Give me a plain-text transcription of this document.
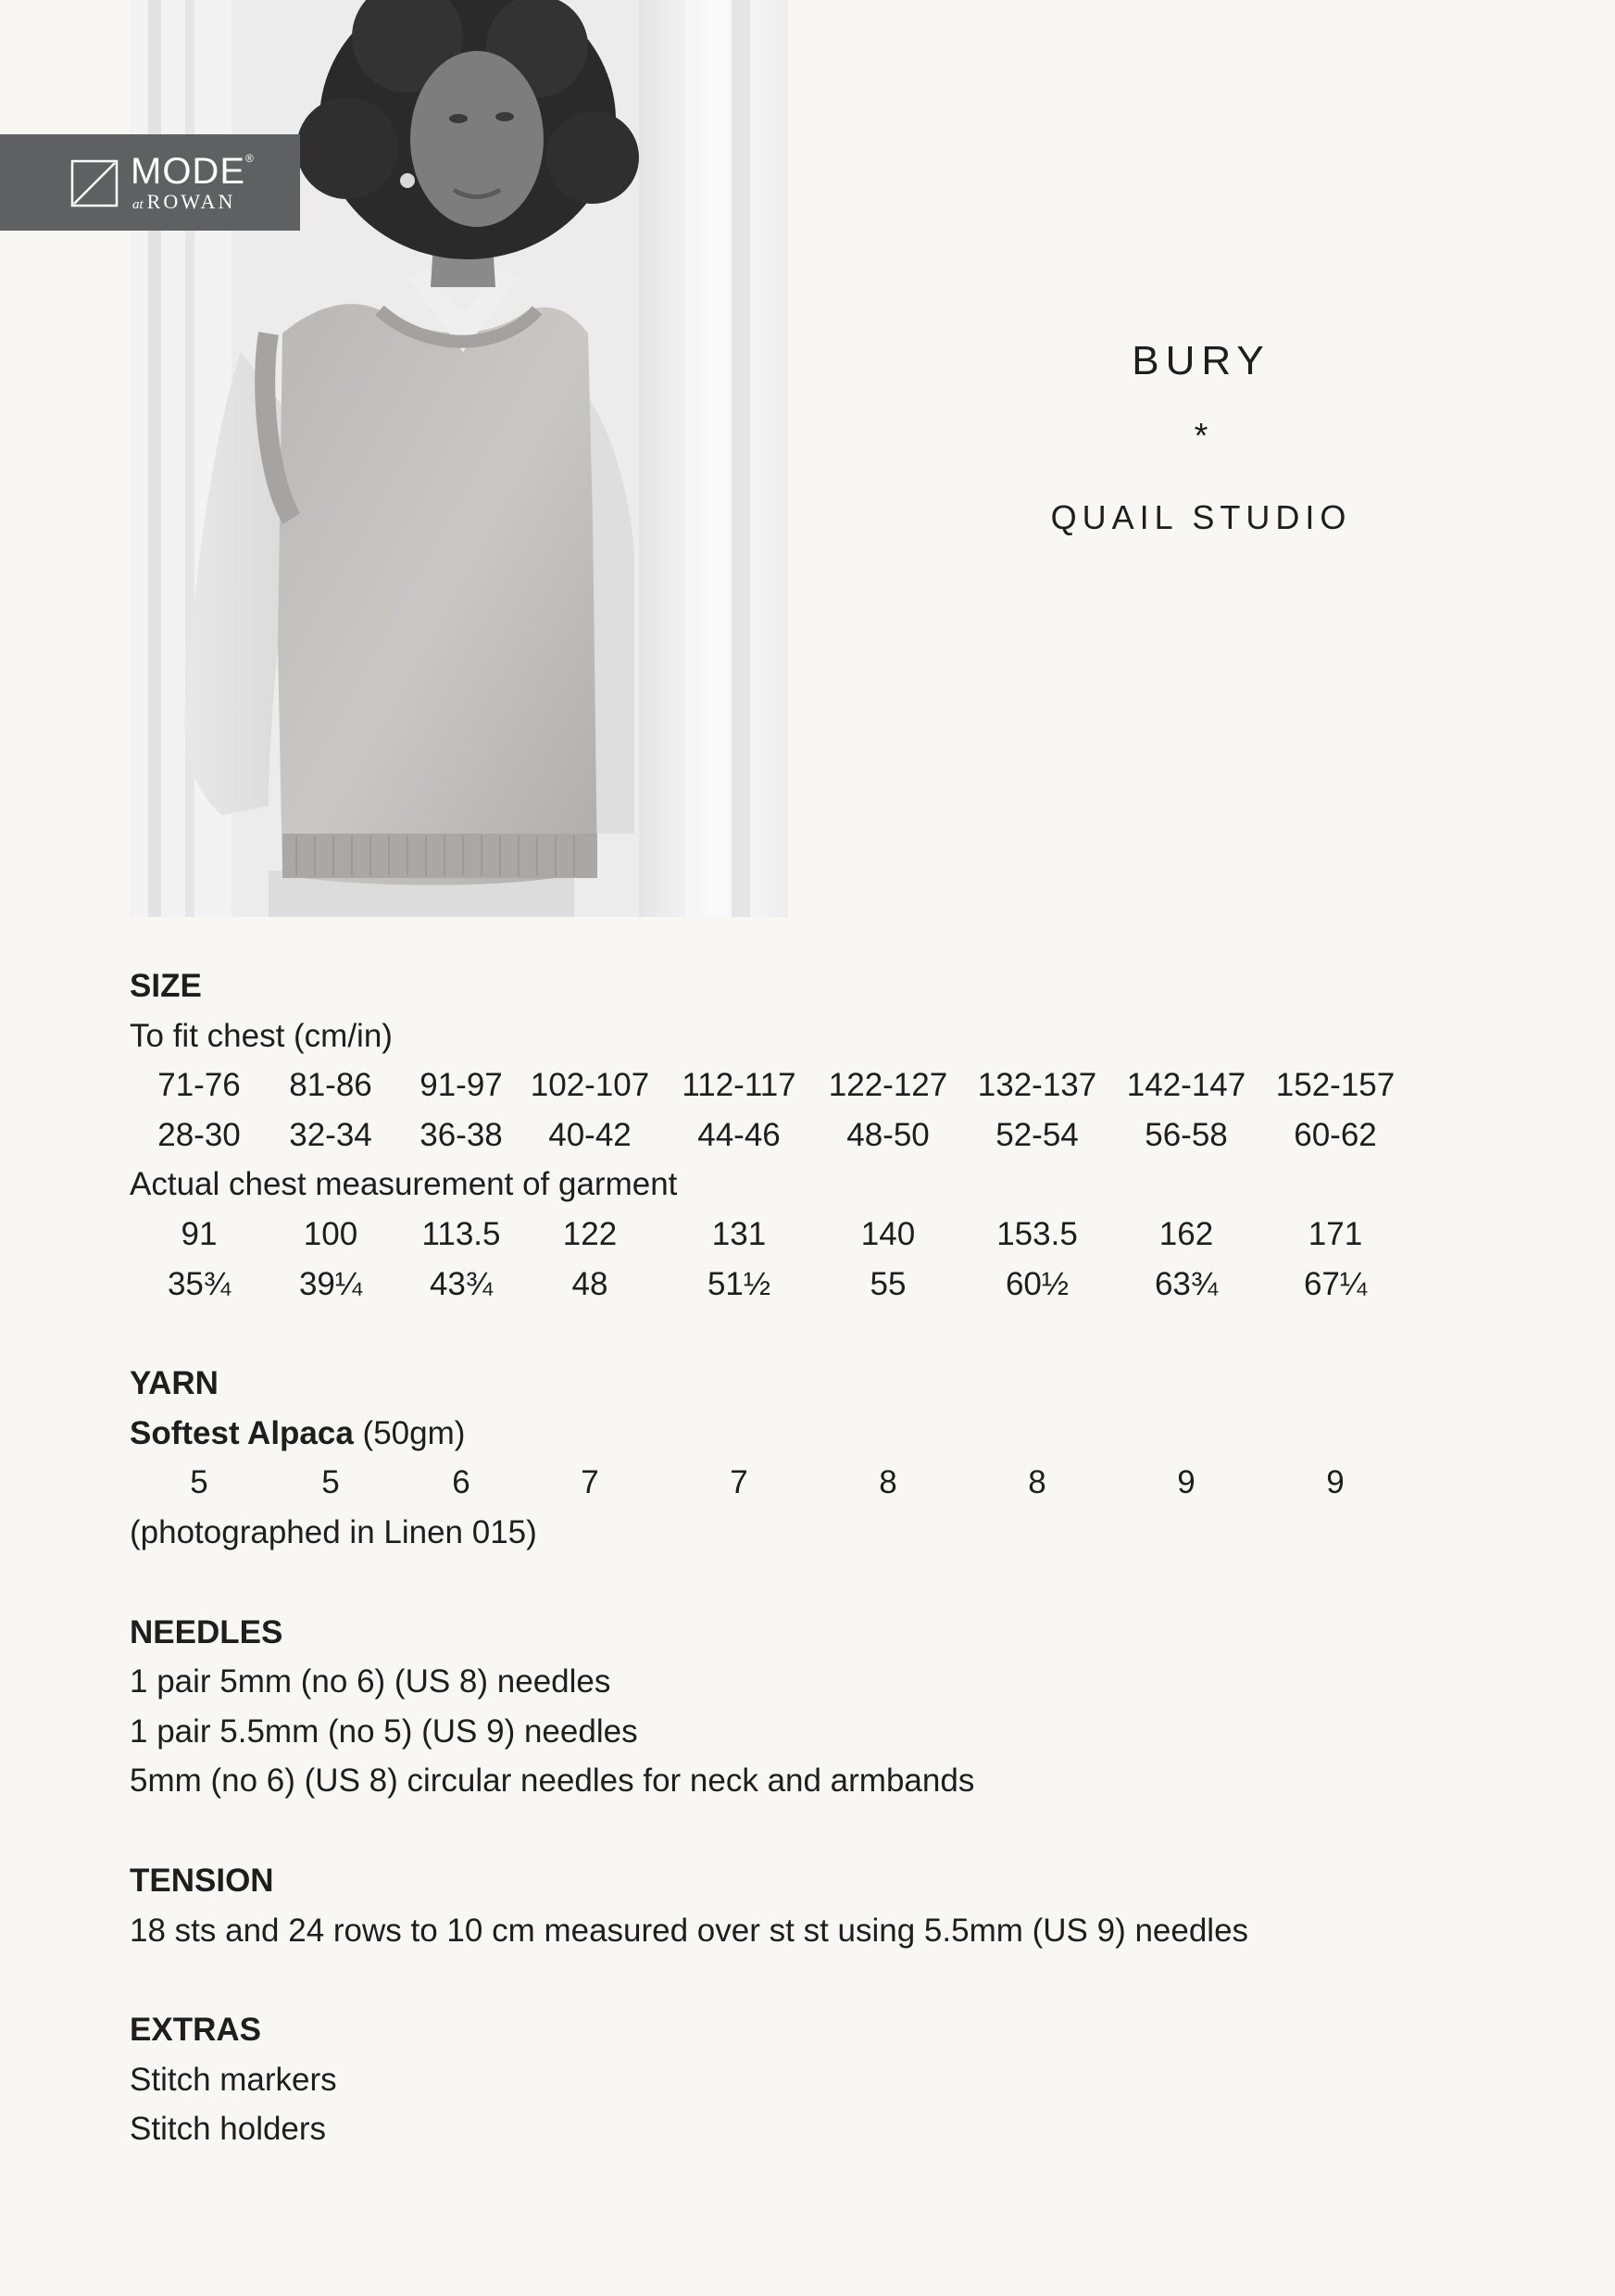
MODE®
at ROWAN
BURY
*
QUAIL STUDIO
SIZE
To fit chest (cm/in)
71-76 81-86 91-97 102-107 112-117 122-127 132-137 142-147 152-157
28-30 32-34 36-38 40-42 44-46 48-50 52-54 56-58 60-62
Actual chest measurement of garment
91	100 113.5 122	131	140	153.5	162	171
35¾ 39¼ 43¾ 48	51½	55	60½	63¾	67¼
YARN
Softest Alpaca (50gm)
5	5	6	7	7	8	8	9	9
(photographed in Linen 015)
NEEDLES
1 pair 5mm (no 6) (US 8) needles
1 pair 5.5mm (no 5) (US 9) needles
5mm (no 6) (US 8) circular needles for neck and armbands
TENSION
18 sts and 24 rows to 10 cm measured over st st using 5.5mm (US 9) needles
EXTRAS
Stitch markers
Stitch holders
